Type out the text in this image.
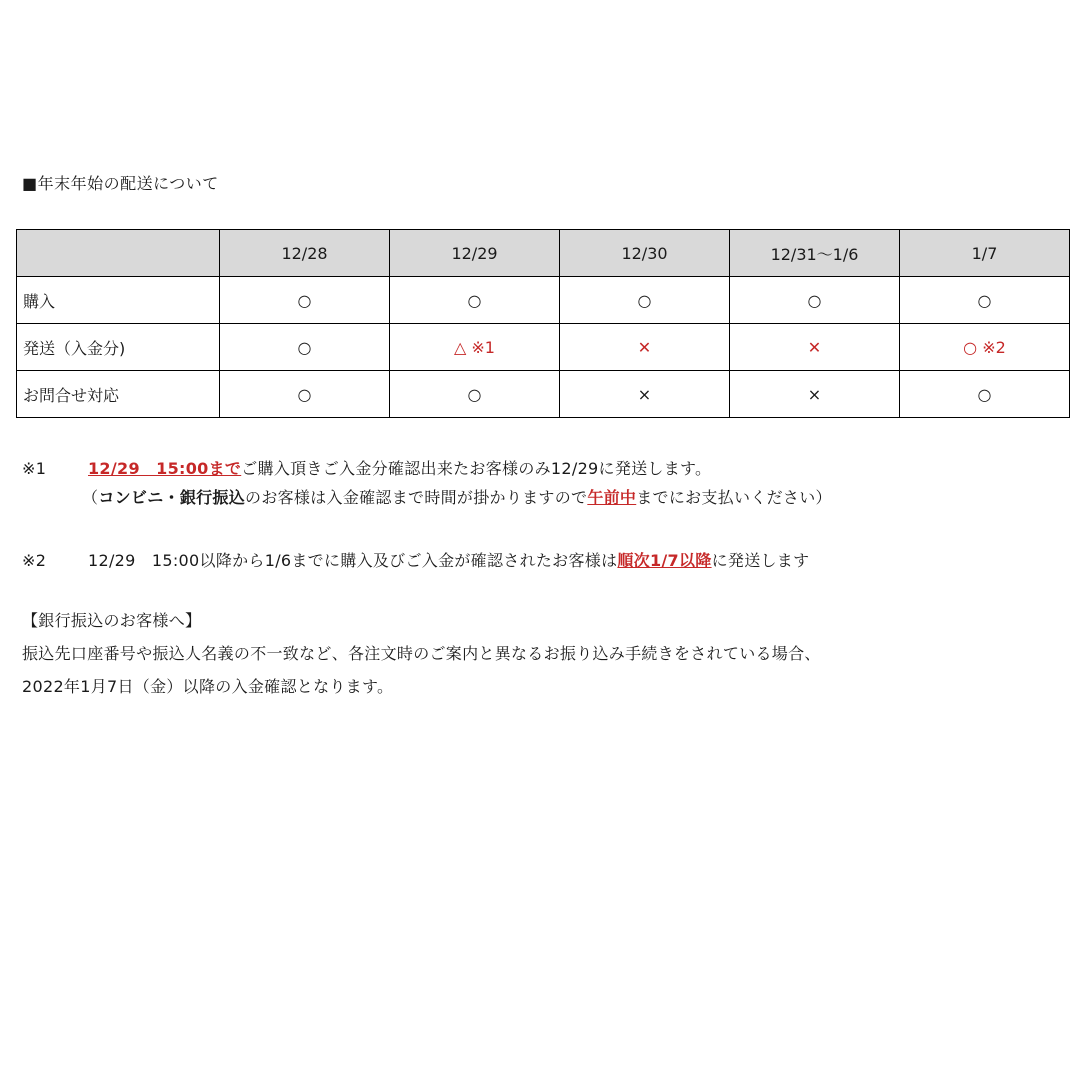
■年末年始の配送について
	12/28	12/29	12/30	12/31〜1/6	1/7
購入	○	○	○	○	○
発送（入金分)	○	△ ※1	✕	✕	○ ※2
お問合せ対応	○	○	×	×	○
※1	12/29　15:00までご購入頂きご入金分確認出来たお客様のみ12/29に発送します。
（コンビニ・銀行振込のお客様は入金確認まで時間が掛かりますので午前中までにお支払いください）
※2	12/29　15:00以降から1/6までに購入及びご入金が確認されたお客様は順次1/7以降に発送します
【銀行振込のお客様へ】
振込先口座番号や振込人名義の不一致など、各注文時のご案内と異なるお振り込み手続きをされている場合、
2022年1月7日（金）以降の入金確認となります。
